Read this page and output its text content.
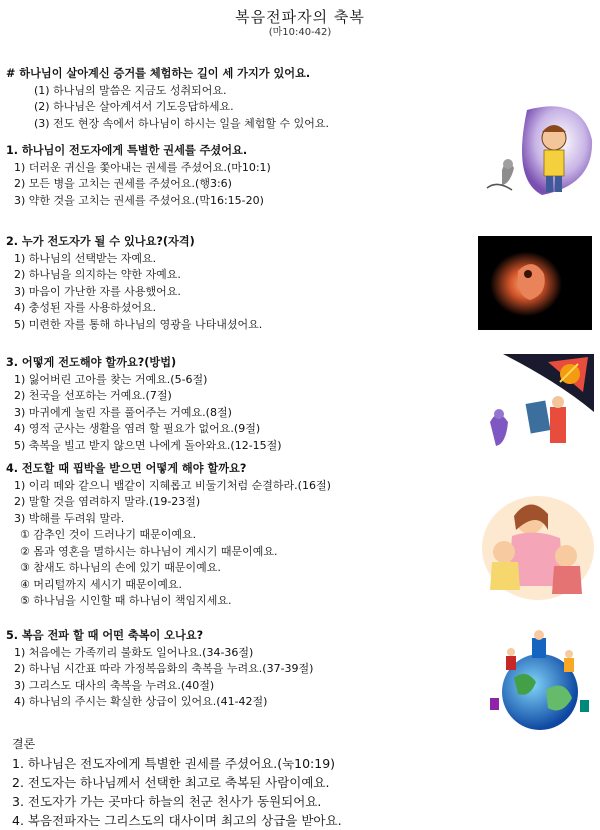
복음전파자의 축복
(마10:40-42)
# 하나님이 살아계신 증거를 체험하는 길이 세 가지가 있어요.
(1) 하나님의 말씀은 지금도 성취되어요.
(2) 하나님은 살아계셔서 기도응답하세요.
(3) 전도 현장 속에서 하나님이 하시는 일을 체험할 수 있어요.
1. 하나님이 전도자에게 특별한 권세를 주셨어요.
1) 더러운 귀신을 쫓아내는 권세를 주셨어요.(마10:1)
2) 모든 병을 고치는 권세를 주셨어요.(행3:6)
3) 약한 것을 고치는 권세를 주셨어요.(막16:15-20)
2. 누가 전도자가 될 수 있나요?(자격)
1) 하나님의 선택받는 자예요.
2) 하나님을 의지하는 약한 자예요.
3) 마음이 가난한 자를 사용했어요.
4) 충성된 자를 사용하셨어요.
5) 미련한 자를 통해 하나님의 영광을 나타내셨어요.
3. 어떻게 전도해야 할까요?(방법)
1) 잃어버린 고아를 찾는 거예요.(5-6절)
2) 천국을 선포하는 거예요.(7절)
3) 마귀에게 눌린 자를 풀어주는 거예요.(8절)
4) 영적 군사는 생활을 염려 할 필요가 없어요.(9절)
5) 축복을 빌고 받지 않으면 나에게 돌아와요.(12-15절)
4. 전도할 때 핍박을 받으면 어떻게 해야 할까요?
1) 이리 떼와 같으니 뱀같이 지혜롭고 비둘기처럼 순결하라.(16절)
2) 말할 것을 염려하지 말라.(19-23절)
3) 박해를 두려워 말라.
① 감추인 것이 드러나기 때문이예요.
② 몸과 영혼을 멸하시는 하나님이 계시기 때문이예요.
③ 참새도 하나님의 손에 있기 때문이예요.
④ 머리털까지 세시기 때문이예요.
⑤ 하나님을 시인할 때 하나님이 책임지세요.
5. 복음 전파 할 때 어떤 축복이 오나요?
1) 처음에는 가족끼리 불화도 일어나요.(34-36절)
2) 하나님 시간표 따라 가정복음화의 축복을 누려요.(37-39절)
3) 그리스도 대사의 축복을 누려요.(40절)
4) 하나님의 주시는 확실한 상급이 있어요.(41-42절)
결론
1. 하나님은 전도자에게 특별한 권세를 주셨어요.(눅10:19)
2. 전도자는 하나님께서 선택한 최고로 축복된 사람이예요.
3. 전도자가 가는 곳마다 하늘의 천군 천사가 동원되어요.
4. 복음전파자는 그리스도의 대사이며 최고의 상급을 받아요.
